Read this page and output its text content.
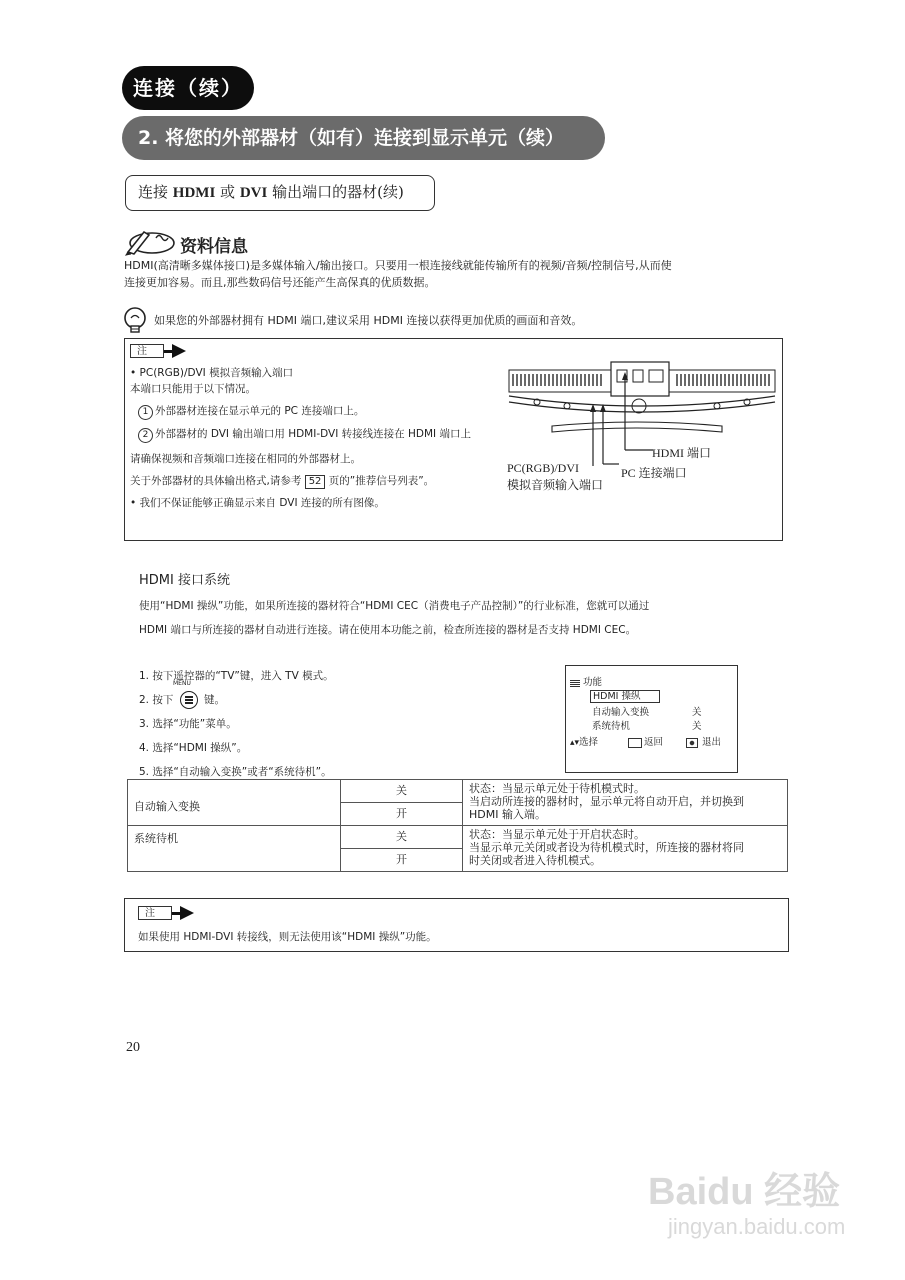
连接（续）
2. 将您的外部器材（如有）连接到显示单元（续）
连接 HDMI 或 DVI 输出端口的器材(续)
资料信息
HDMI(高清晰多媒体接口)是多媒体输入/输出接口。只要用一根连接线就能传输所有的视频/音频/控制信号,从而使
连接更加容易。而且,那些数码信号还能产生高保真的优质数据。
如果您的外部器材拥有 HDMI 端口,建议采用 HDMI 连接以获得更加优质的画面和音效。
注
• PC(RGB)/DVI 模拟音频输入端口
本端口只能用于以下情况。
1 外部器材连接在显示单元的 PC 连接端口上。
2 外部器材的 DVI 输出端口用 HDMI-DVI 转接线连接在 HDMI 端口上
请确保视频和音频端口连接在相同的外部器材上。
关于外部器材的具体输出格式,请参考 52 页的”推荐信号列表”。
• 我们不保证能够正确显示来自 DVI 连接的所有图像。
HDMI 端口
PC 连接端口
PC(RGB)/DVI
模拟音频输入端口
HDMI 接口系统
使用“HDMI 操纵”功能，如果所连接的器材符合“HDMI CEC（消费电子产品控制）”的行业标准，您就可以通过
HDMI 端口与所连接的器材自动进行连接。请在使用本功能之前，检查所连接的器材是否支持 HDMI CEC。
1. 按下遥控器的“TV”键，进入 TV 模式。
2. 按下	键。
MENU
3. 选择“功能”菜单。
4. 选择“HDMI 操纵”。
5. 选择“自动输入变换”或者“系统待机”。
功能
HDMI 操纵
自动输入变换	关
系统待机	关
▴▾选择	返回	退出
自动输入变换	关	状态：当显示单元处于待机模式时。
当启动所连接的器材时，显示单元将自动开启，并切换到
HDMI 输入端。

	开	
系统待机	关	状态：当显示单元处于开启状态时。
当显示单元关闭或者设为待机模式时，所连接的器材将同
时关闭或者进入待机模式。

	开	
注
如果使用 HDMI-DVI 转接线，则无法使用该“HDMI 操纵”功能。
20
Baidu 经验
jingyan.baidu.com
